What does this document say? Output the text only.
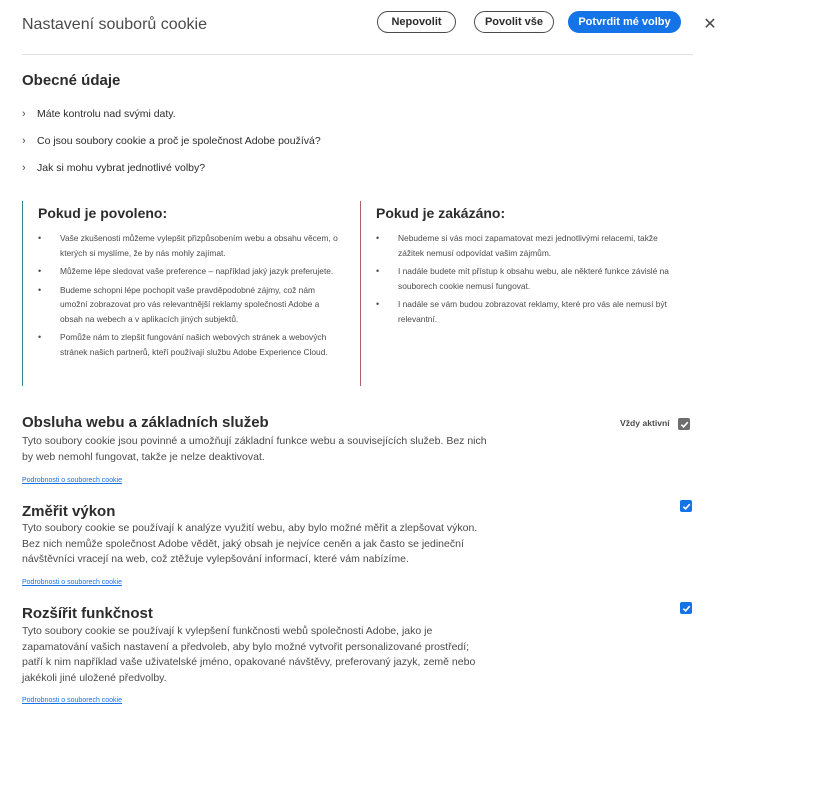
Nastavení souborů cookie	Nepovolit	Povolit vše	Potvrdit mé volby	✕
Obecné údaje
›	Máte kontrolu nad svými daty.
›	Co jsou soubory cookie a proč je společnost Adobe používá?
›	Jak si mohu vybrat jednotlivé volby?
Pokud je povoleno:
• Vaše zkušenosti můžeme vylepšit přizpůsobením webu a obsahu věcem, o kterých si myslíme, že by nás mohly zajímat.
• Můžeme lépe sledovat vaše preference – například jaký jazyk preferujete.
• Budeme schopni lépe pochopit vaše pravděpodobné zájmy, což nám umožní zobrazovat pro vás relevantnější reklamy společnosti Adobe a obsah na webech a v aplikacích jiných subjektů.
• Pomůže nám to zlepšit fungování našich webových stránek a webových stránek našich partnerů, kteří používají službu Adobe Experience Cloud.
Pokud je zakázáno:
• Nebudeme si vás moci zapamatovat mezi jednotlivými relacemi, takže zážitek nemusí odpovídat vašim zájmům.
• I nadále budete mít přístup k obsahu webu, ale některé funkce závislé na souborech cookie nemusí fungovat.
• I nadále se vám budou zobrazovat reklamy, které pro vás ale nemusí být relevantní.
Obsluha webu a základních služeb	Vždy aktivní
Tyto soubory cookie jsou povinné a umožňují základní funkce webu a souvisejících služeb. Bez nich by web nemohl fungovat, takže je nelze deaktivovat.
Podrobnosti o souborech cookie
Změřit výkon
Tyto soubory cookie se používají k analýze využití webu, aby bylo možné měřit a zlepšovat výkon. Bez nich nemůže společnost Adobe vědět, jaký obsah je nejvíce ceněn a jak často se jedineční návštěvníci vracejí na web, což ztěžuje vylepšování informací, které vám nabízíme.
Podrobnosti o souborech cookie
Rozšířit funkčnost
Tyto soubory cookie se používají k vylepšení funkčnosti webů společnosti Adobe, jako je zapamatování vašich nastavení a předvoleb, aby bylo možné vytvořit personalizované prostředí; patří k nim například vaše uživatelské jméno, opakované návštěvy, preferovaný jazyk, země nebo jakékoli jiné uložené předvolby.
Podrobnosti o souborech cookie
